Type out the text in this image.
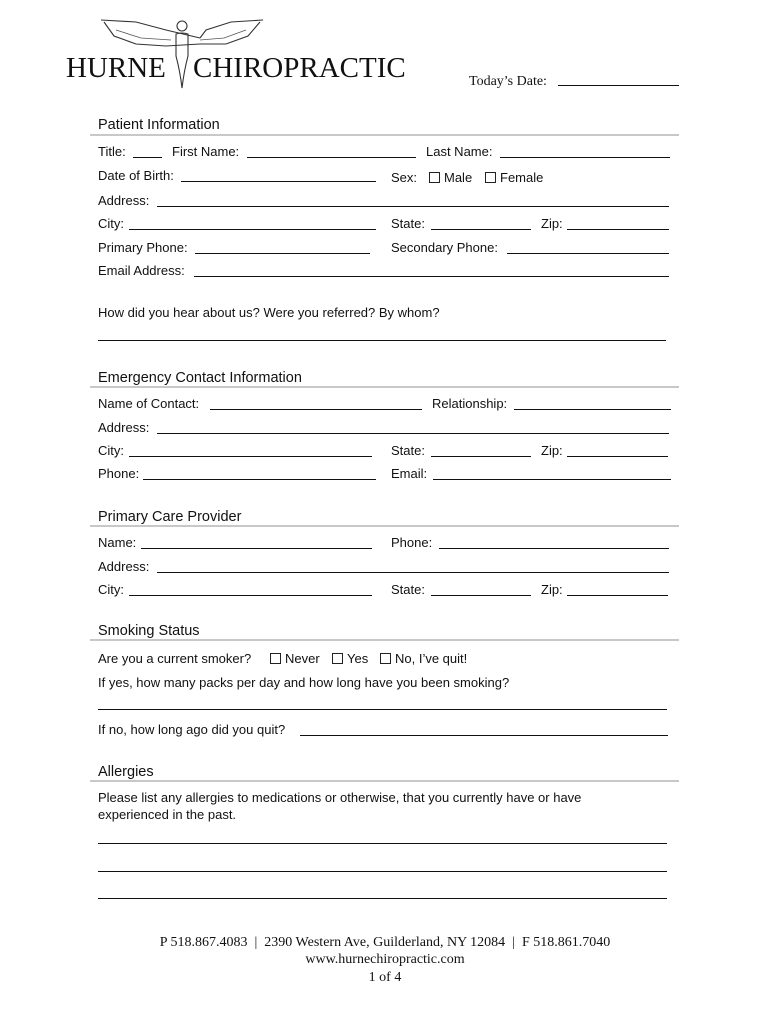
HURNE CHIROPRACTIC	Today’s Date:
Patient Information
Title:	First Name:	Last Name:
Date of Birth:	Sex:	Male	Female
Address:
City:	State:	Zip:
Primary Phone:	Secondary Phone:
Email Address:
How did you hear about us? Were you referred? By whom?
Emergency Contact Information
Name of Contact:	Relationship:
Address:
City:	State:	Zip:
Phone:	Email:
Primary Care Provider
Name:	Phone:
Address:
City:	State:	Zip:
Smoking Status
Are you a current smoker?	Never	Yes	No, I’ve quit!
If yes, how many packs per day and how long have you been smoking?
If no, how long ago did you quit?
Allergies
Please list any allergies to medications or otherwise, that you currently have or have
experienced in the past.
P 518.867.4083  |  2390 Western Ave, Guilderland, NY 12084  |  F 518.861.7040
www.hurnechiropractic.com
1 of 4
